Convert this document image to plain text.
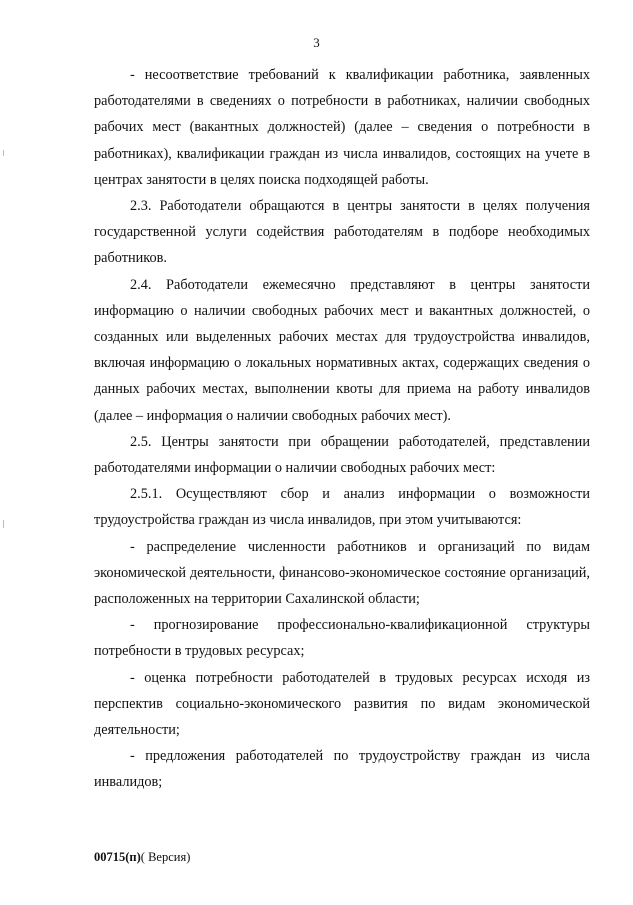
3

- несоответствие требований к квалификации работника, заявленных работодателями в сведениях о потребности в работниках, наличии свободных рабочих мест (вакантных должностей) (далее – сведения о потребности в работниках), квалификации граждан из числа инвалидов, состоящих на учете в центрах занятости в целях поиска подходящей работы.

2.3. Работодатели обращаются в центры занятости в целях получения государственной услуги содействия работодателям в подборе необходимых работников.

2.4. Работодатели ежемесячно представляют в центры занятости информацию о наличии свободных рабочих мест и вакантных должностей, о созданных или выделенных рабочих местах для трудоустройства инвалидов, включая информацию о локальных нормативных актах, содержащих сведения о данных рабочих местах, выполнении квоты для приема на работу инвалидов (далее – информация о наличии свободных рабочих мест).

2.5. Центры занятости при обращении работодателей, представлении работодателями информации о наличии свободных рабочих мест:

2.5.1. Осуществляют сбор и анализ информации о возможности трудоустройства граждан из числа инвалидов, при этом учитываются:

- распределение численности работников и организаций по видам экономической деятельности, финансово-экономическое состояние организаций, расположенных на территории Сахалинской области;

- прогнозирование профессионально-квалификационной структуры потребности в трудовых ресурсах;

- оценка потребности работодателей в трудовых ресурсах исходя из перспектив социально-экономического развития по видам экономической деятельности;

- предложения работодателей по трудоустройству граждан из числа инвалидов;

00715(п)( Версия)
